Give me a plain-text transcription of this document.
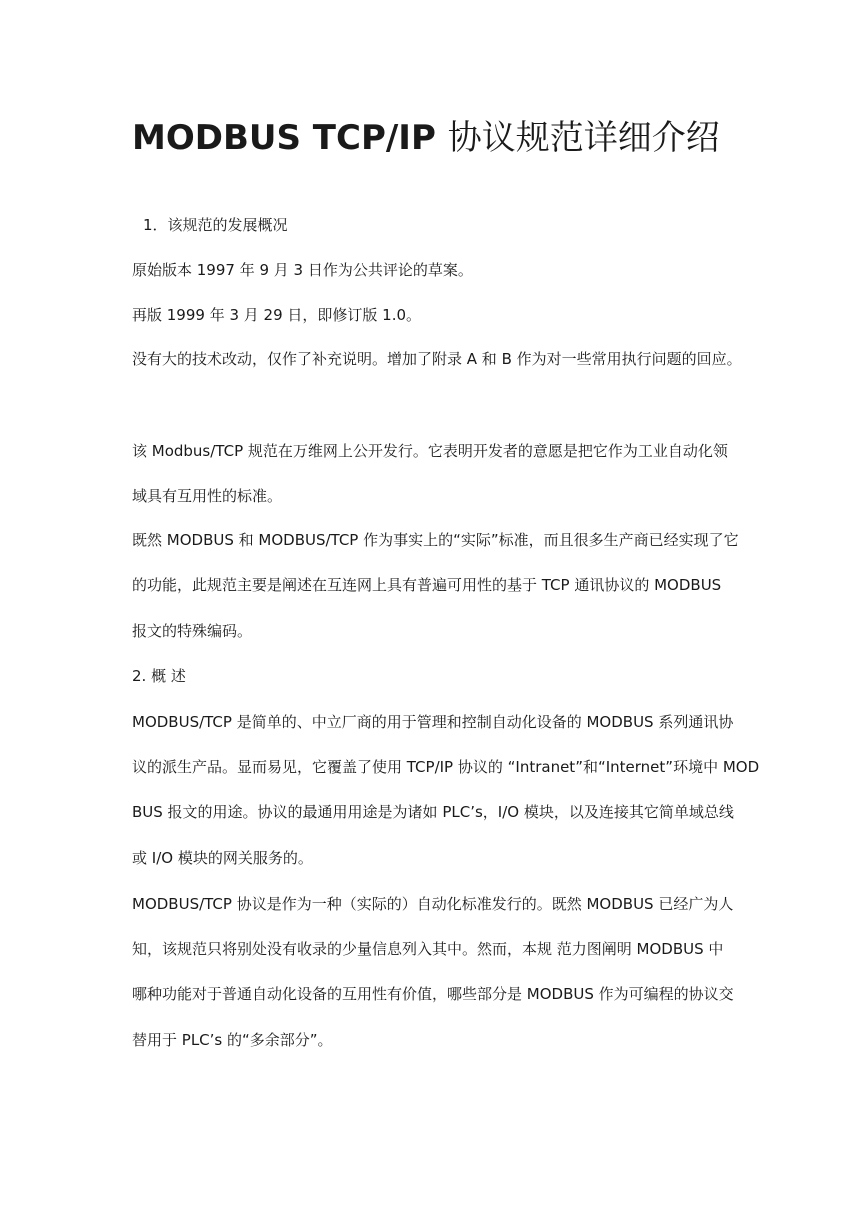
MODBUS TCP/IP 协议规范详细介绍
1．该规范的发展概况
原始版本 1997 年 9 月 3 日作为公共评论的草案。
再版 1999 年 3 月 29 日，即修订版 1.0。
没有大的技术改动，仅作了补充说明。增加了附录 A 和 B 作为对一些常用执行问题的回应。
该 Modbus/TCP 规范在万维网上公开发行。它表明开发者的意愿是把它作为工业自动化领
域具有互用性的标准。
既然 MODBUS 和 MODBUS/TCP 作为事实上的“实际”标准，而且很多生产商已经实现了它
的功能，此规范主要是阐述在互连网上具有普遍可用性的基于 TCP 通讯协议的 MODBUS
报文的特殊编码。
2. 概 述
MODBUS/TCP 是简单的、中立厂商的用于管理和控制自动化设备的 MODBUS 系列通讯协
议的派生产品。显而易见，它覆盖了使用 TCP/IP 协议的 “Intranet”和“Internet”环境中 MOD
BUS 报文的用途。协议的最通用用途是为诸如 PLC’s，I/O 模块，以及连接其它简单域总线
或 I/O 模块的网关服务的。
MODBUS/TCP 协议是作为一种（实际的）自动化标准发行的。既然 MODBUS 已经广为人
知，该规范只将别处没有收录的少量信息列入其中。然而，本规 范力图阐明 MODBUS 中
哪种功能对于普通自动化设备的互用性有价值，哪些部分是 MODBUS 作为可编程的协议交
替用于 PLC’s 的“多余部分”。
